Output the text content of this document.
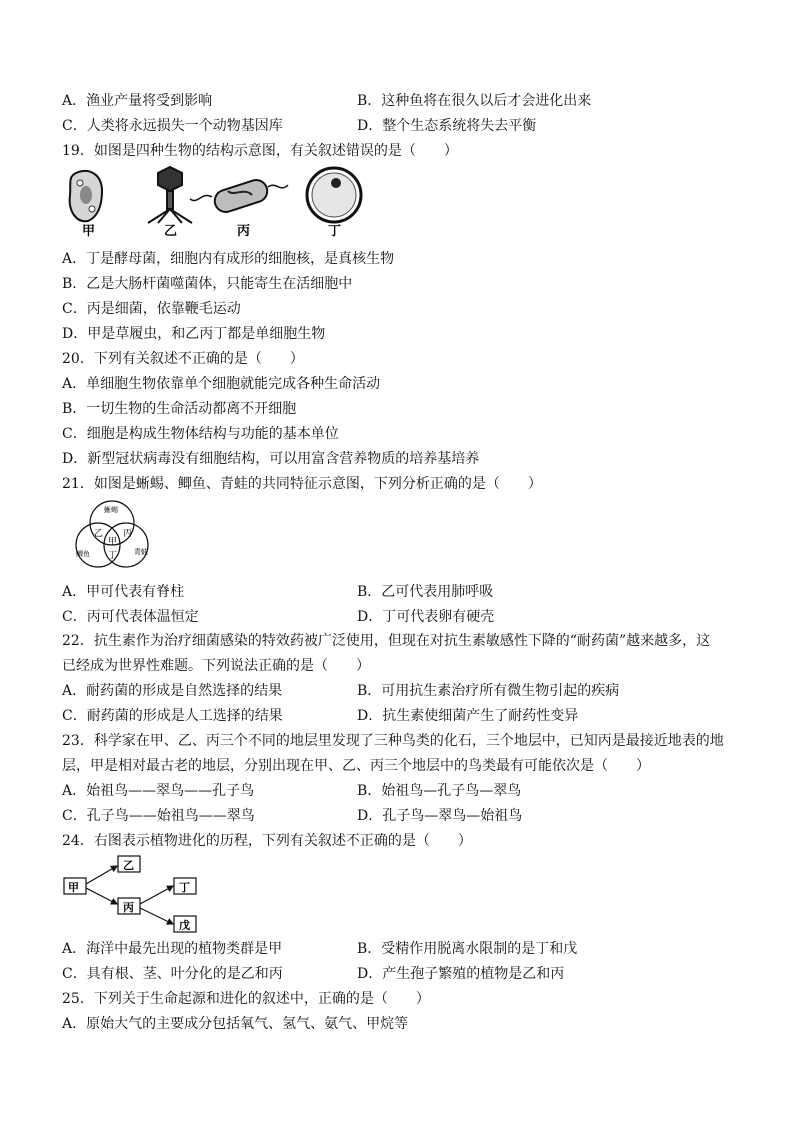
A．渔业产量将受到影响	B．这种鱼将在很久以后才会进化出来
C．人类将永远损失一个动物基因库	D．整个生态系统将失去平衡
19．如图是四种生物的结构示意图，有关叙述错误的是（　　）
甲	乙	丙	丁
A．丁是酵母菌，细胞内有成形的细胞核，是真核生物
B．乙是大肠杆菌噬菌体，只能寄生在活细胞中
C．丙是细菌，依靠鞭毛运动
D．甲是草履虫，和乙丙丁都是单细胞生物
20．下列有关叙述不正确的是（　　）
A．单细胞生物依靠单个细胞就能完成各种生命活动
B．一切生物的生命活动都离不开细胞
C．细胞是构成生物体结构与功能的基本单位
D．新型冠状病毒没有细胞结构，可以用富含营养物质的培养基培养
21．如图是蜥蜴、鲫鱼、青蛙的共同特征示意图，下列分析正确的是（　　）
蜥蜴
鲫鱼	青蛙
乙 丙
甲
丁
A．甲可代表有脊柱	B．乙可代表用肺呼吸
C．丙可代表体温恒定	D．丁可代表卵有硬壳
22．抗生素作为治疗细菌感染的特效药被广泛使用，但现在对抗生素敏感性下降的“耐药菌”越来越多，这
已经成为世界性难题。下列说法正确的是（　　）
A．耐药菌的形成是自然选择的结果	B．可用抗生素治疗所有微生物引起的疾病
C．耐药菌的形成是人工选择的结果	D．抗生素使细菌产生了耐药性变异
23．科学家在甲、乙、丙三个不同的地层里发现了三种鸟类的化石，三个地层中，已知丙是最接近地表的地
层，甲是相对最古老的地层，分别出现在甲、乙、丙三个地层中的鸟类最有可能依次是（　　）
A．始祖鸟——翠鸟——孔子鸟	B．始祖鸟—孔子鸟—翠鸟
C．孔子鸟——始祖鸟——翠鸟	D．孔子鸟—翠鸟—始祖鸟
24．右图表示植物进化的历程，下列有关叙述不正确的是（　　）
甲
乙
丙
丁
戊
A．海洋中最先出现的植物类群是甲	B．受精作用脱离水限制的是丁和戊
C．具有根、茎、叶分化的是乙和丙	D．产生孢子繁殖的植物是乙和丙
25．下列关于生命起源和进化的叙述中，正确的是（　　）
A．原始大气的主要成分包括氧气、氢气、氨气、甲烷等
